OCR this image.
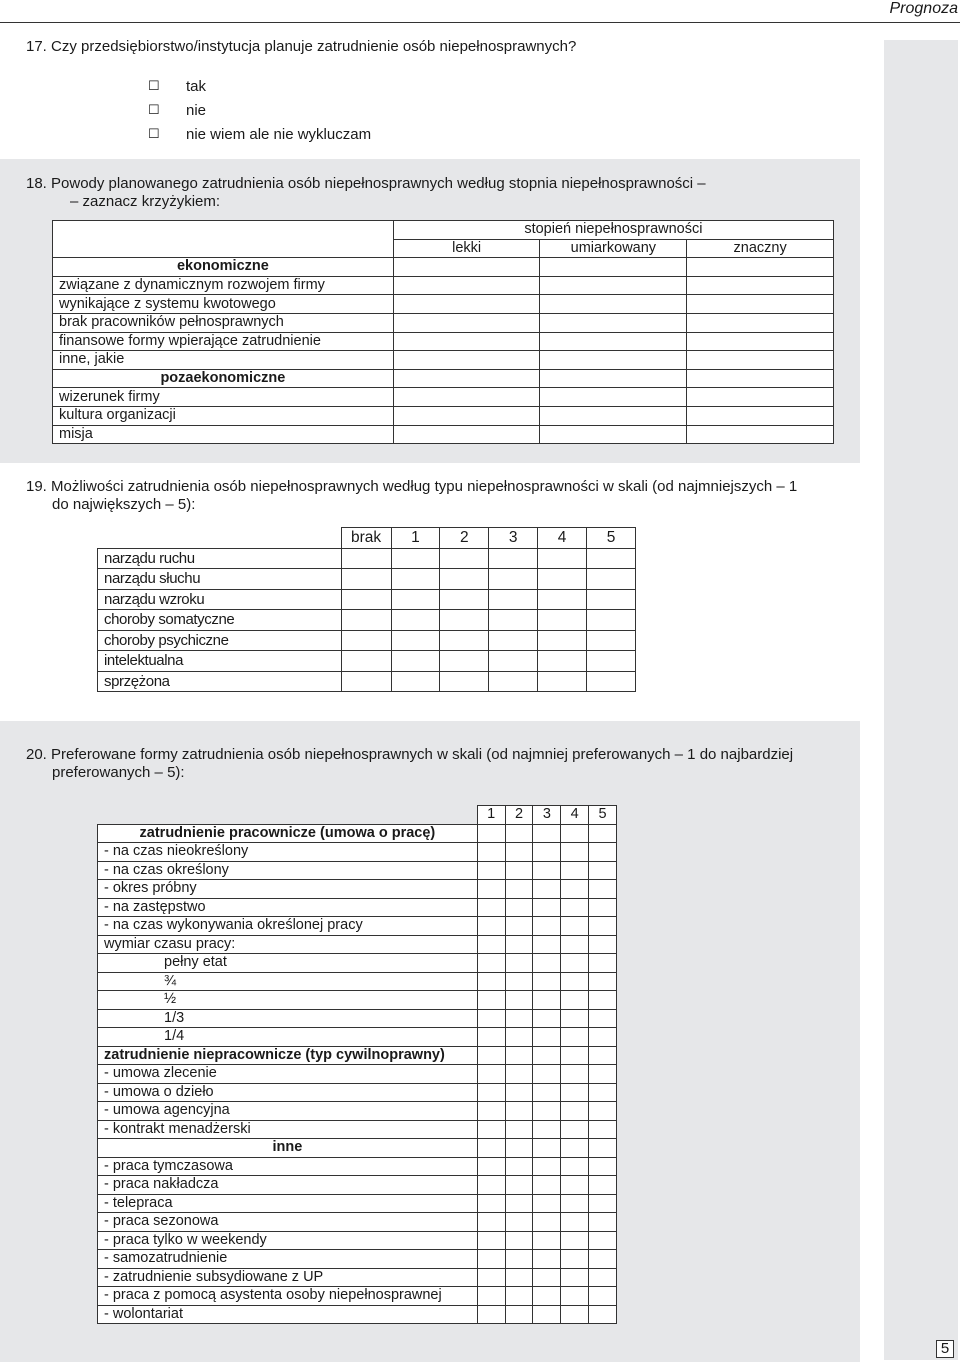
Prognoza
17. Czy przedsiębiorstwo/instytucja planuje zatrudnienie osób niepełnosprawnych?
☐ tak
☐ nie
☐ nie wiem ale nie wykluczam
18. Powody planowanego zatrudnienia osób niepełnosprawnych według stopnia niepełnosprawności –
– zaznacz krzyżykiem:
	stopień niepełnosprawności		
	lekki	umiarkowany	znaczny
ekonomiczne			
związane z dynamicznym rozwojem firmy			
wynikające z systemu kwotowego			
brak pracowników pełnosprawnych			
finansowe formy wpierające zatrudnienie			
inne, jakie			
pozaekonomiczne			
wizerunek firmy			
kultura organizacji			
misja			
19. Możliwości zatrudnienia osób niepełnosprawnych według typu niepełnosprawności w skali (od najmniejszych – 1
do największych – 5):
	brak	1	2	3	4	5
narządu ruchu						
narządu słuchu						
narządu wzroku						
choroby somatyczne						
choroby psychiczne						
intelektualna						
sprzężona						
20. Preferowane formy zatrudnienia osób niepełnosprawnych w skali (od najmniej preferowanych – 1 do najbardziej
preferowanych – 5):
	1	2	3	4	5
zatrudnienie pracownicze (umowa o pracę)					
- na czas nieokreślony					
- na czas określony					
- okres próbny					
- na zastępstwo					
- na czas wykonywania określonej pracy					
wymiar czasu pracy:					
pełny etat					
¾					
½					
1/3					
1/4					
zatrudnienie niepracownicze (typ cywilnoprawny)					
- umowa zlecenie					
- umowa o dzieło					
- umowa agencyjna					
- kontrakt menadżerski					
inne					
- praca tymczasowa					
- praca nakładcza					
- telepraca					
- praca sezonowa					
- praca tylko w weekendy					
- samozatrudnienie					
- zatrudnienie subsydiowane z UP					
- praca z pomocą asystenta osoby niepełnosprawnej					
- wolontariat					
5
